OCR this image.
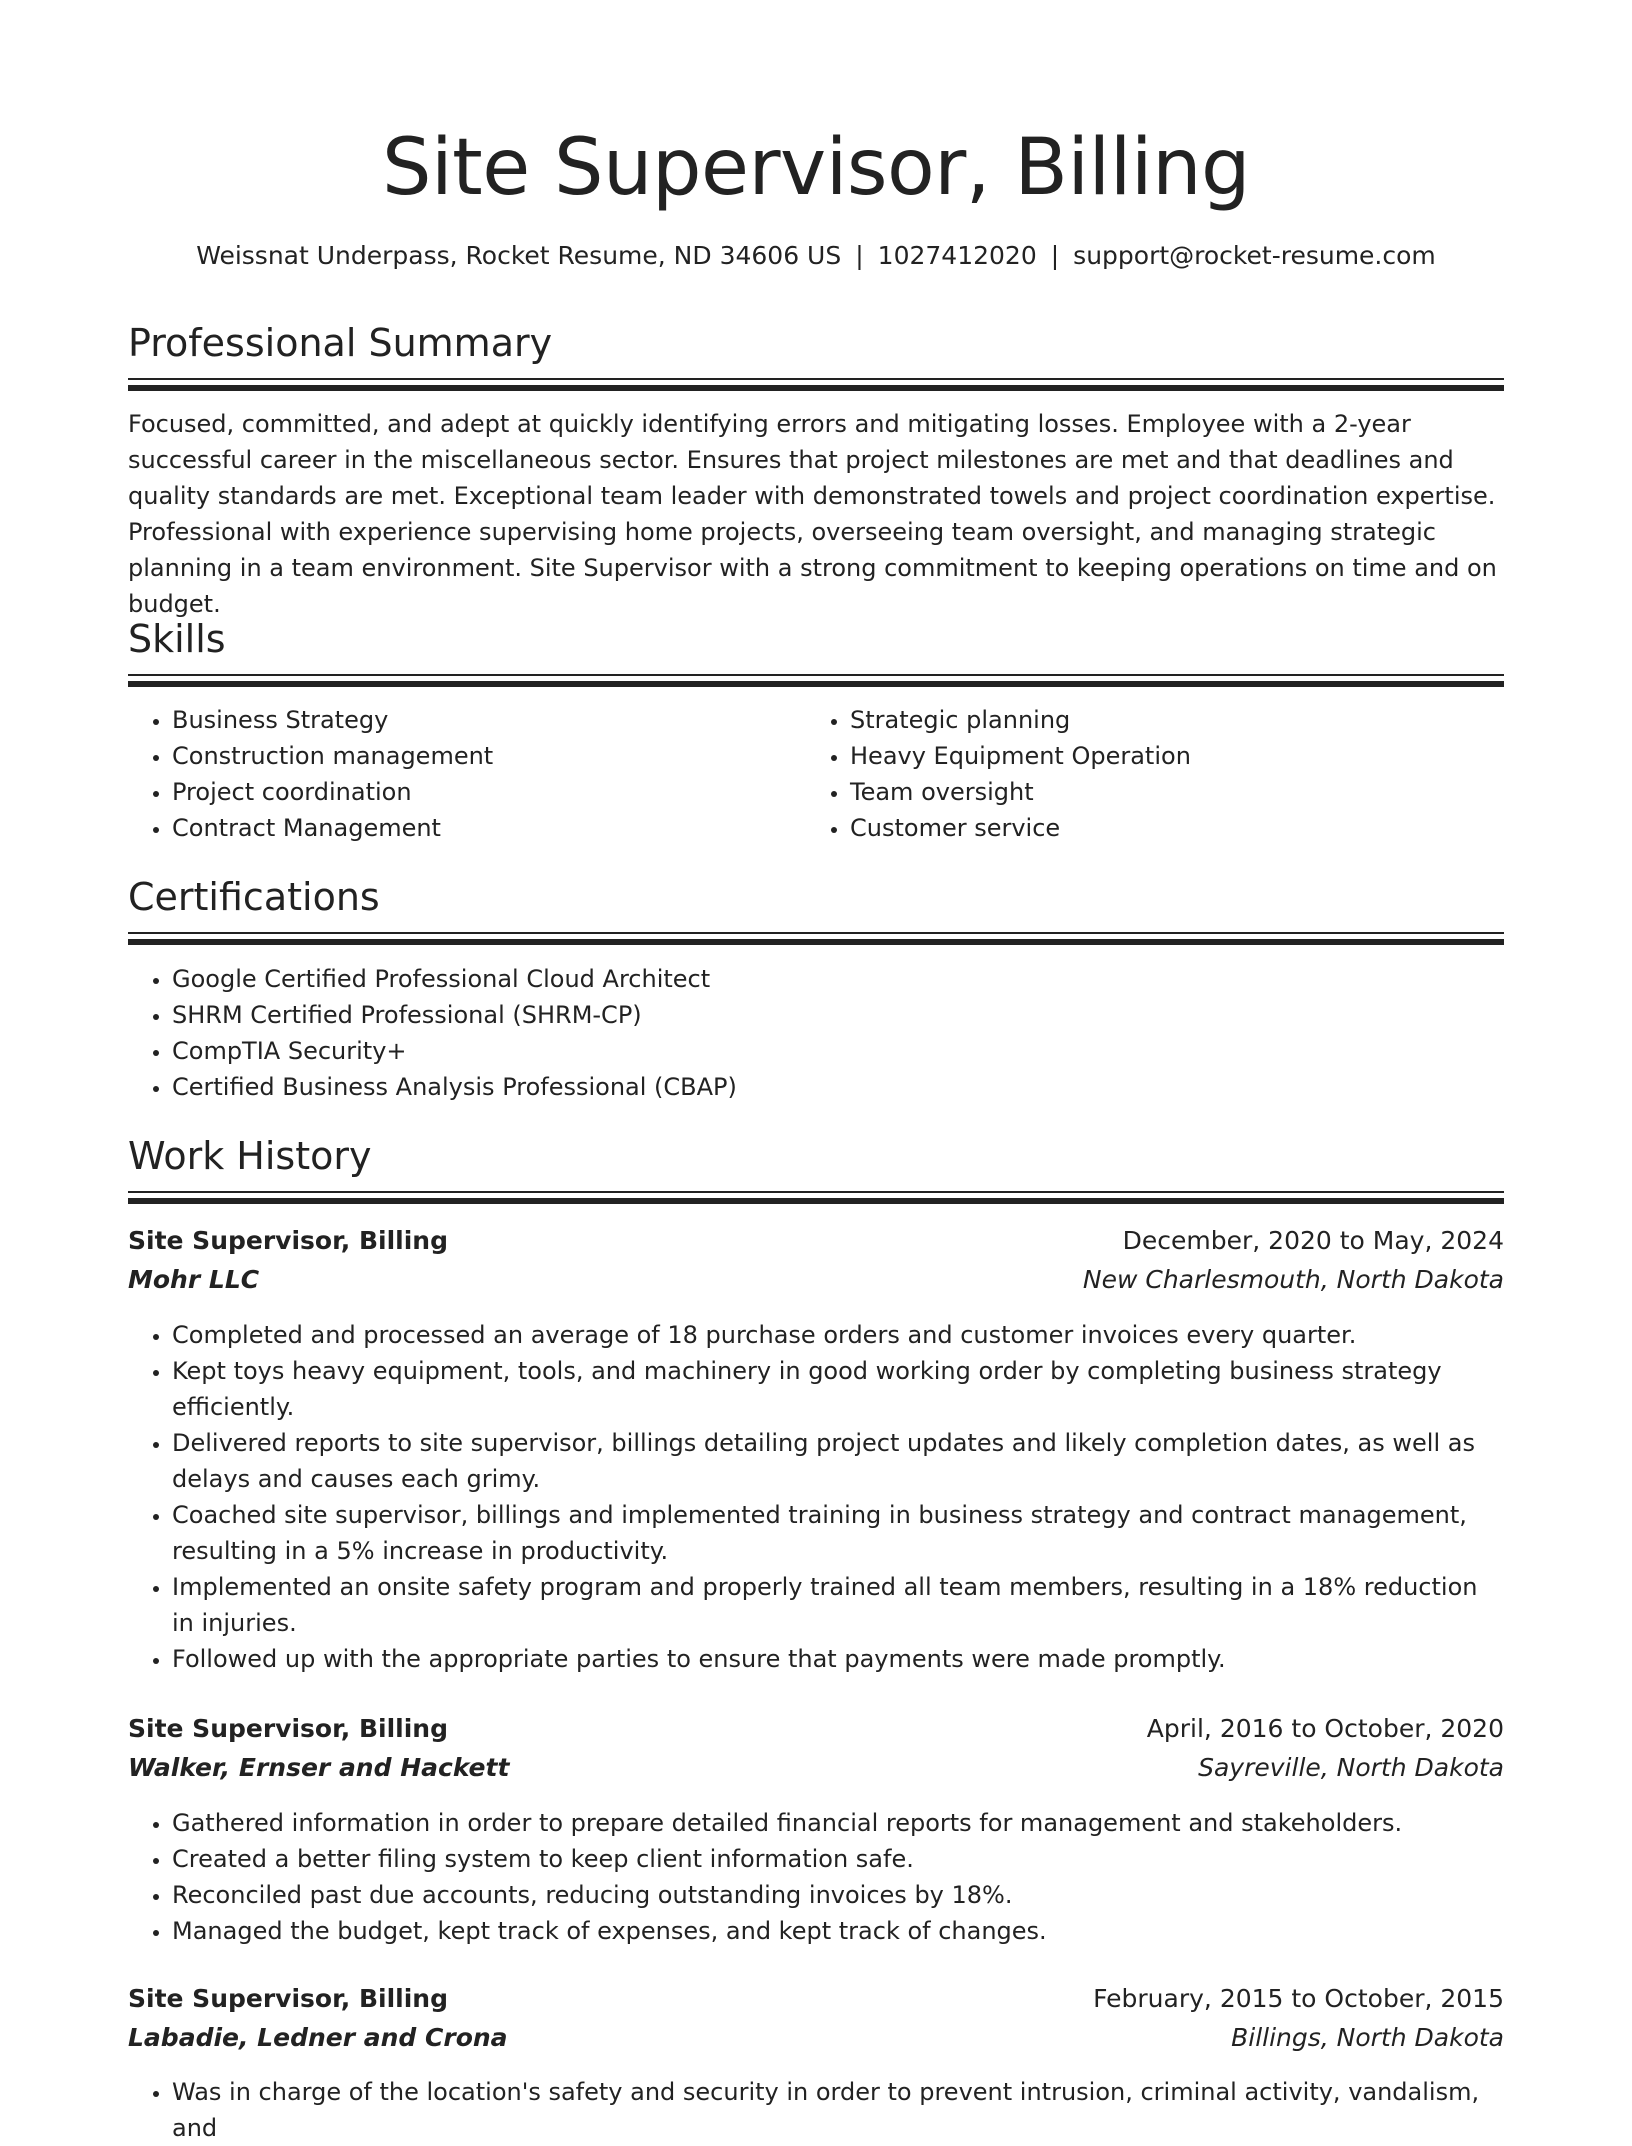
Site Supervisor, Billing
Weissnat Underpass, Rocket Resume, ND 34606 US | 1027412020 | support@rocket-resume.com
Professional Summary

Focused, committed, and adept at quickly identifying errors and mitigating losses. Employee with a 2-year successful career in the miscellaneous sector. Ensures that project milestones are met and that deadlines and quality standards are met. Exceptional team leader with demonstrated towels and project coordination expertise. Professional with experience supervising home projects, overseeing team oversight, and managing strategic planning in a team environment. Site Supervisor with a strong commitment to keeping operations on time and on budget.

Skills
• Business Strategy
• Construction management
• Project coordination
• Contract Management
• Strategic planning
• Heavy Equipment Operation
• Team oversight
• Customer service
Certifications
• Google Certified Professional Cloud Architect
• SHRM Certified Professional (SHRM-CP)
• CompTIA Security+
• Certified Business Analysis Professional (CBAP)
Work History
Site Supervisor, Billing	December, 2020 to May, 2024
Mohr LLC	New Charlesmouth, North Dakota
• Completed and processed an average of 18 purchase orders and customer invoices every quarter.
• Kept toys heavy equipment, tools, and machinery in good working order by completing business strategy efficiently.
• Delivered reports to site supervisor, billings detailing project updates and likely completion dates, as well as delays and causes each grimy.
• Coached site supervisor, billings and implemented training in business strategy and contract management, resulting in a 5% increase in productivity.
• Implemented an onsite safety program and properly trained all team members, resulting in a 18% reduction in injuries.
• Followed up with the appropriate parties to ensure that payments were made promptly.
Site Supervisor, Billing	April, 2016 to October, 2020
Walker, Ernser and Hackett	Sayreville, North Dakota
• Gathered information in order to prepare detailed financial reports for management and stakeholders.
• Created a better filing system to keep client information safe.
• Reconciled past due accounts, reducing outstanding invoices by 18%.
• Managed the budget, kept track of expenses, and kept track of changes.
Site Supervisor, Billing	February, 2015 to October, 2015
Labadie, Ledner and Crona	Billings, North Dakota
• Was in charge of the location's safety and security in order to prevent intrusion, criminal activity, vandalism, and
